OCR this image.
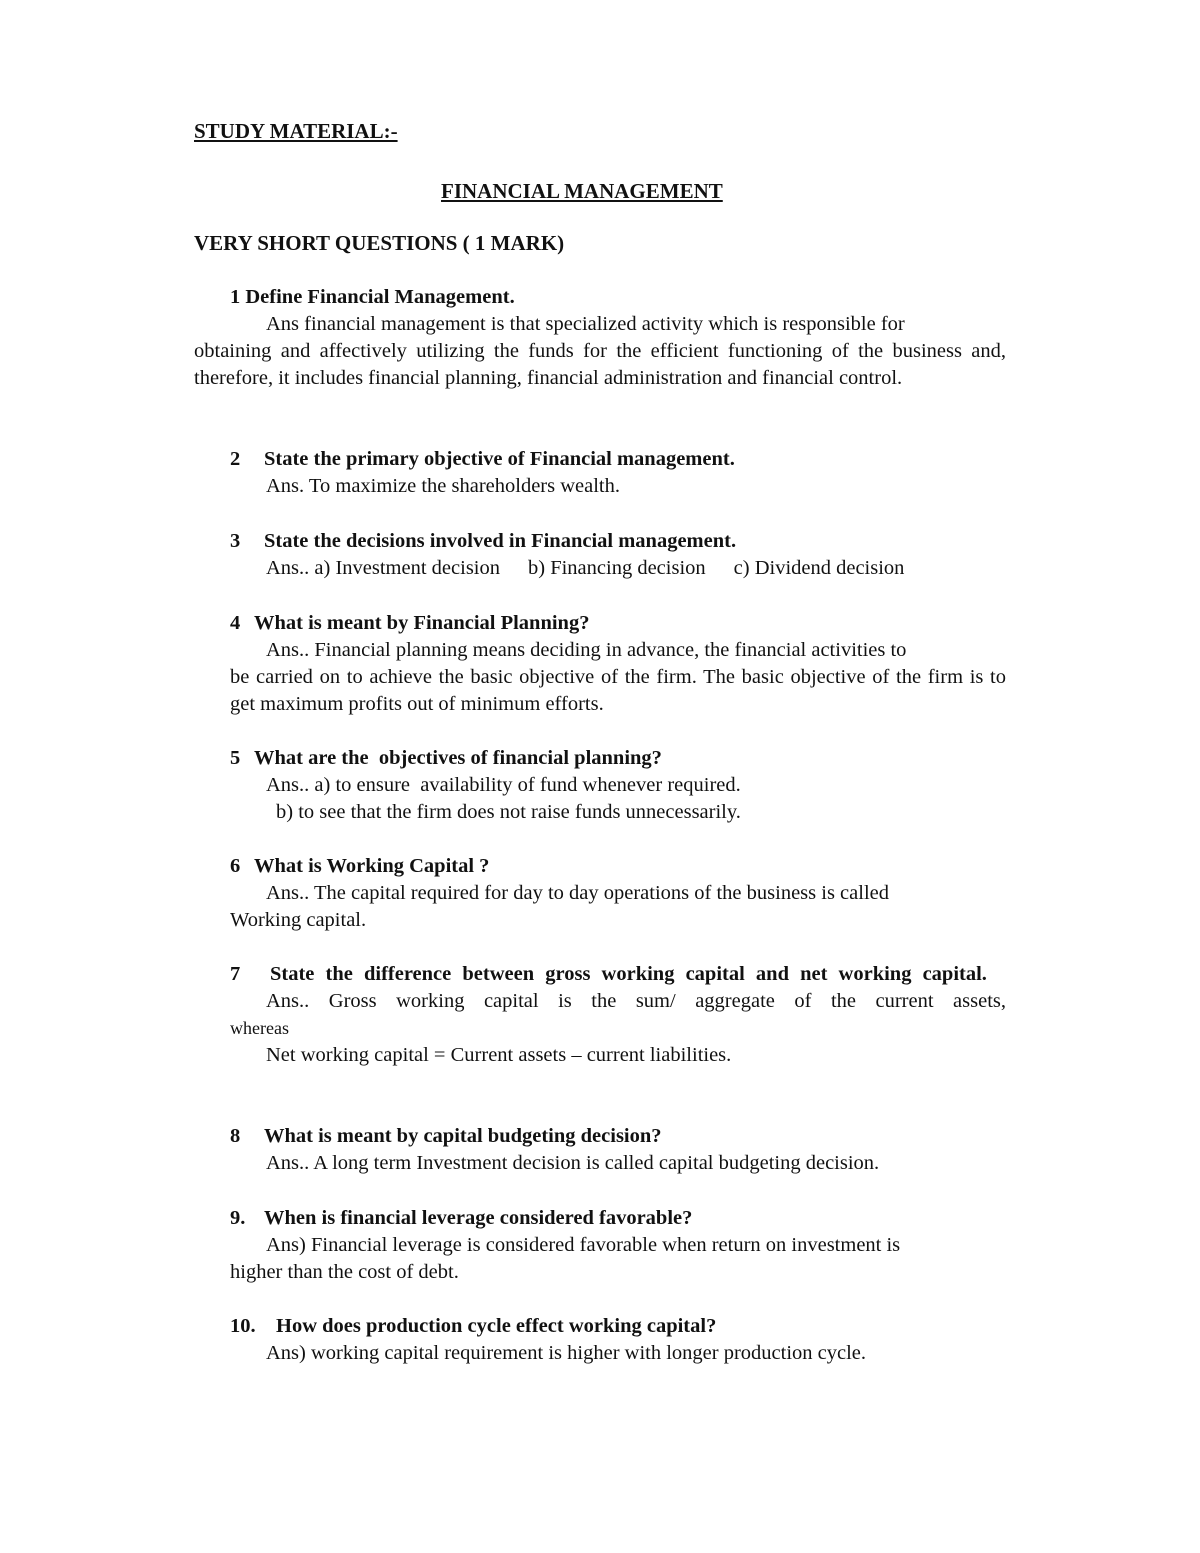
STUDY MATERIAL:-
FINANCIAL MANAGEMENT
VERY SHORT QUESTIONS ( 1 MARK)
1 Define Financial Management.
Ans financial management is that specialized activity which is responsible for
obtaining and affectively utilizing the funds for the efficient functioning of the business and, therefore, it includes financial planning, financial administration and financial control.
2 State the primary objective of Financial management.
Ans. To maximize the shareholders wealth.
3 State the decisions involved in Financial management.
Ans.. a) Investment decision b) Financing decision c) Dividend decision
4 What is meant by Financial Planning?
Ans.. Financial planning means deciding in advance, the financial activities to
be carried on to achieve the basic objective of the firm. The basic objective of the firm is to get maximum profits out of minimum efforts.
5 What are the  objectives of financial planning?
Ans.. a) to ensure  availability of fund whenever required.
b) to see that the firm does not raise funds unnecessarily.
6 What is Working Capital ?
Ans.. The capital required for day to day operations of the business is called
Working capital.
7	State the difference between gross working capital and net working capital.
Ans.. Gross working capital is the sum/ aggregate of the current assets,
whereas
Net working capital = Current assets – current liabilities.
8 What is meant by capital budgeting decision?
Ans.. A long term Investment decision is called capital budgeting decision.
9. When is financial leverage considered favorable?
Ans) Financial leverage is considered favorable when return on investment is
higher than the cost of debt.
10. How does production cycle effect working capital?
Ans) working capital requirement is higher with longer production cycle.
